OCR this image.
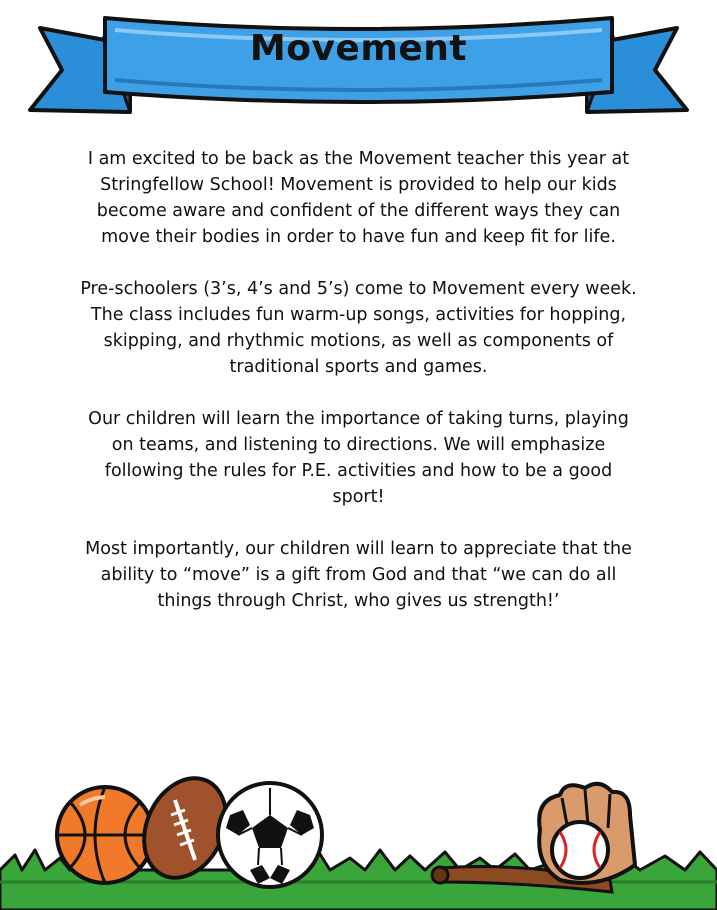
Movement

I am excited to be back as the Movement teacher this year at Stringfellow School! Movement is provided to help our kids become aware and confident of the different ways they can move their bodies in order to have fun and keep fit for life.

Pre-schoolers (3’s, 4’s and 5’s) come to Movement every week. The class includes fun warm-up songs, activities for hopping, skipping, and rhythmic motions, as well as components of traditional sports and games.

Our children will learn the importance of taking turns, playing on teams, and listening to directions. We will emphasize following the rules for P.E. activities and how to be a good sport!

Most importantly, our children will learn to appreciate that the ability to “move” is a gift from God and that “we can do all things through Christ, who gives us strength!’
